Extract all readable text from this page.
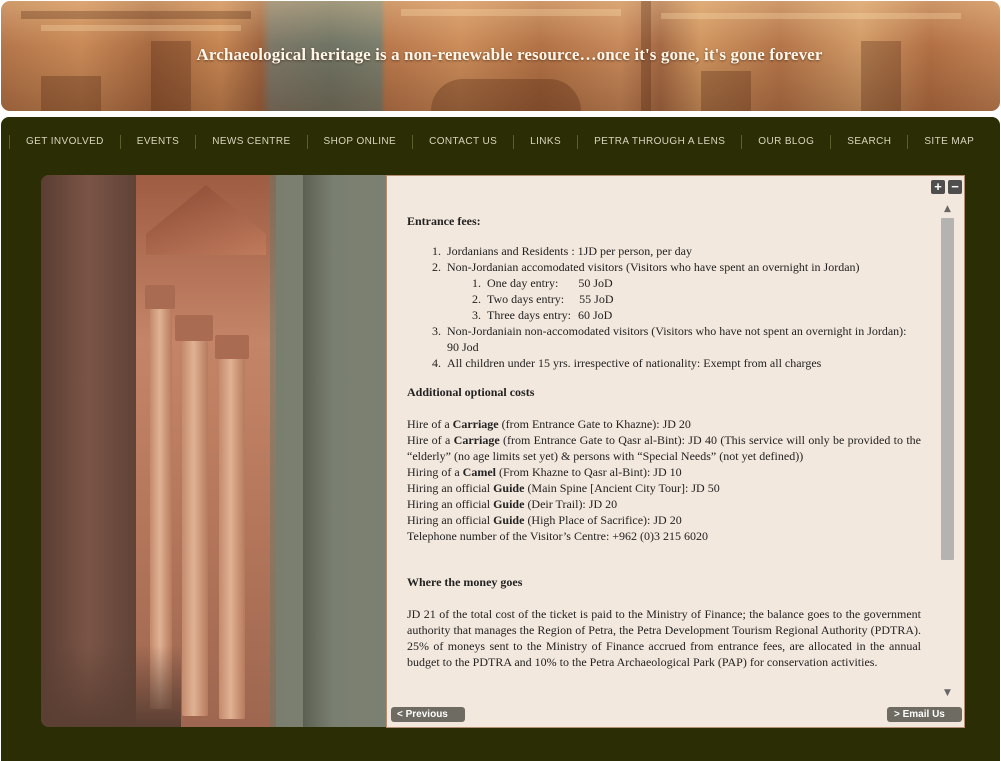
Archaeological heritage is a non-renewable resource…once it's gone, it's gone forever
GET INVOLVED	EVENTS	NEWS CENTRE	SHOP ONLINE	CONTACT US	LINKS	PETRA THROUGH A LENS	OUR BLOG	SEARCH	SITE MAP
+ −
Entrance fees:
1. Jordanians and Residents : 1JD per person, per day
2. Non-Jordanian accomodated visitors (Visitors who have spent an overnight in Jordan)
1. One day entry: 50 JoD
2. Two days entry: 55 JoD
3. Three days entry: 60 JoD
3. Non-Jordaniain non-accomodated visitors (Visitors who have not spent an overnight in Jordan): 90 Jod
4. All children under 15 yrs. irrespective of nationality: Exempt from all charges
Additional optional costs

Hire of a Carriage (from Entrance Gate to Khazne): JD 20

Hire of a Carriage (from Entrance Gate to Qasr al-Bint): JD 40 (This service will only be provided to the “elderly” (no age limits set yet) & persons with “Special Needs” (not yet defined))

Hiring of a Camel (From Khazne to Qasr al-Bint): JD 10

Hiring an official Guide (Main Spine [Ancient City Tour]: JD 50

Hiring an official Guide (Deir Trail): JD 20

Hiring an official Guide (High Place of Sacrifice): JD 20

Telephone number of the Visitor’s Centre: +962 (0)3 215 6020

Where the money goes

JD 21 of the total cost of the ticket is paid to the Ministry of Finance; the balance goes to the government authority that manages the Region of Petra, the Petra Development Tourism Regional Authority (PDTRA). 25% of moneys sent to the Ministry of Finance accrued from entrance fees, are allocated in the annual budget to the PDTRA and 10% to the Petra Archaeological Park (PAP) for conservation activities.

▲
▼
< Previous	> Email Us
